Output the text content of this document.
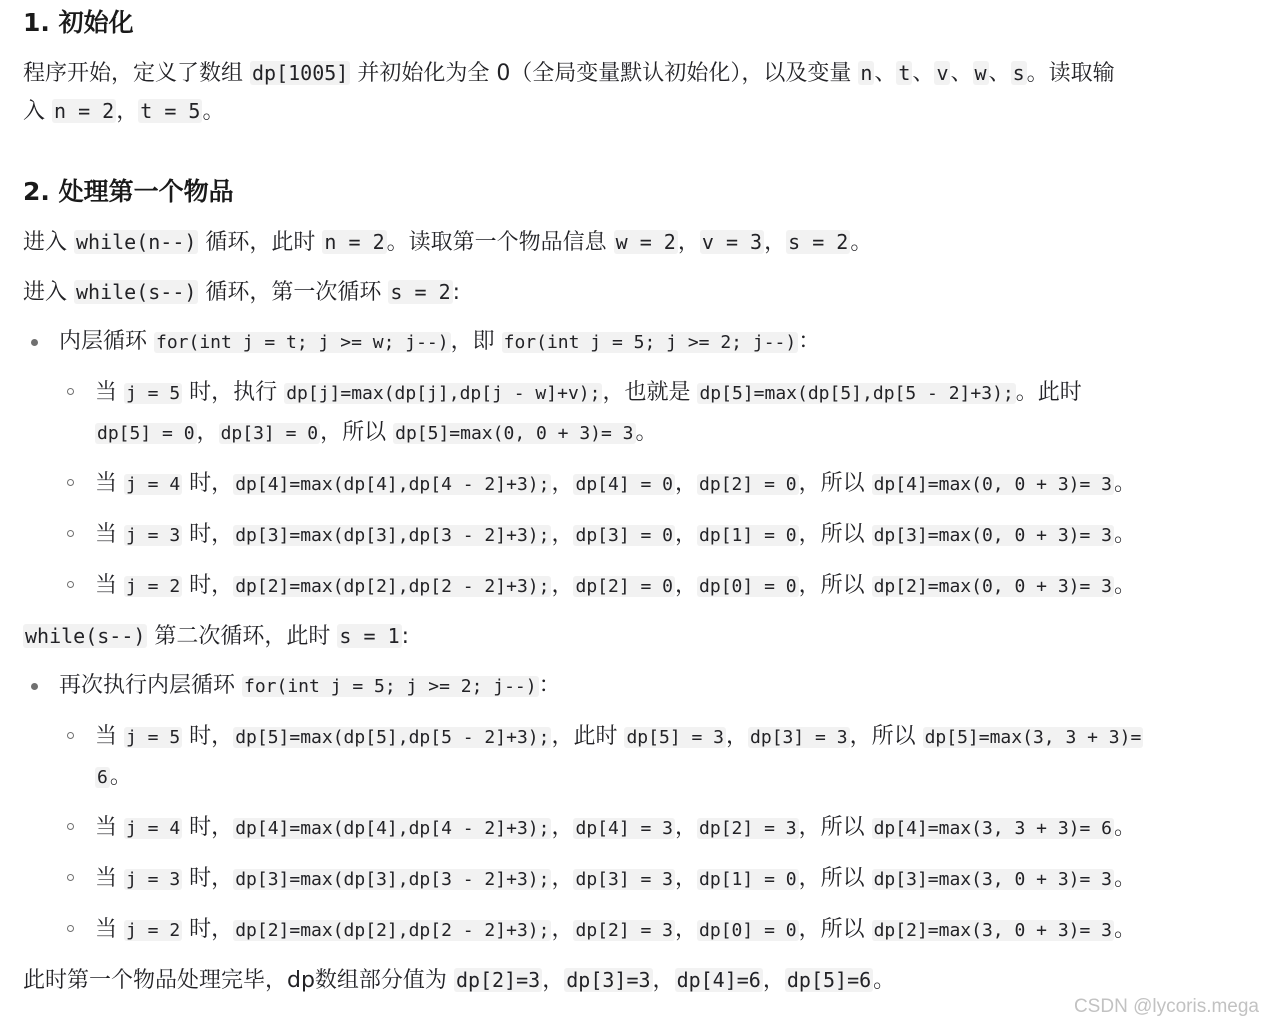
1. 初始化
程序开始，定义了数组 dp[1005] 并初始化为全 0（全局变量默认初始化），以及变量 n、 t、 v、 w、 s。读取输
入 n = 2， t = 5。
2. 处理第一个物品
进入 while(n--) 循环，此时 n = 2。读取第一个物品信息 w = 2， v = 3， s = 2。
进入 while(s--) 循环，第一次循环 s = 2:
内层循环 for(int j = t; j >= w; j--)，即 for(int j = 5; j >= 2; j--)：
当 j = 5 时，执行 dp[j]=max(dp[j],dp[j - w]+v);，也就是 dp[5]=max(dp[5],dp[5 - 2]+3);。此时
dp[5] = 0， dp[3] = 0，所以 dp[5]=max(0, 0 + 3)= 3。
当 j = 4 时， dp[4]=max(dp[4],dp[4 - 2]+3);， dp[4] = 0， dp[2] = 0，所以 dp[4]=max(0, 0 + 3)= 3。
当 j = 3 时， dp[3]=max(dp[3],dp[3 - 2]+3);， dp[3] = 0， dp[1] = 0，所以 dp[3]=max(0, 0 + 3)= 3。
当 j = 2 时， dp[2]=max(dp[2],dp[2 - 2]+3);， dp[2] = 0， dp[0] = 0，所以 dp[2]=max(0, 0 + 3)= 3。
while(s--) 第二次循环，此时 s = 1:
再次执行内层循环 for(int j = 5; j >= 2; j--)：
当 j = 5 时， dp[5]=max(dp[5],dp[5 - 2]+3);，此时 dp[5] = 3， dp[3] = 3，所以 dp[5]=max(3, 3 + 3)=
6。
当 j = 4 时， dp[4]=max(dp[4],dp[4 - 2]+3);， dp[4] = 3， dp[2] = 3，所以 dp[4]=max(3, 3 + 3)= 6。
当 j = 3 时， dp[3]=max(dp[3],dp[3 - 2]+3);， dp[3] = 3， dp[1] = 0，所以 dp[3]=max(3, 0 + 3)= 3。
当 j = 2 时， dp[2]=max(dp[2],dp[2 - 2]+3);， dp[2] = 3， dp[0] = 0，所以 dp[2]=max(3, 0 + 3)= 3。
此时第一个物品处理完毕，dp数组部分值为 dp[2]=3， dp[3]=3， dp[4]=6， dp[5]=6。
CSDN @lycoris.mega
